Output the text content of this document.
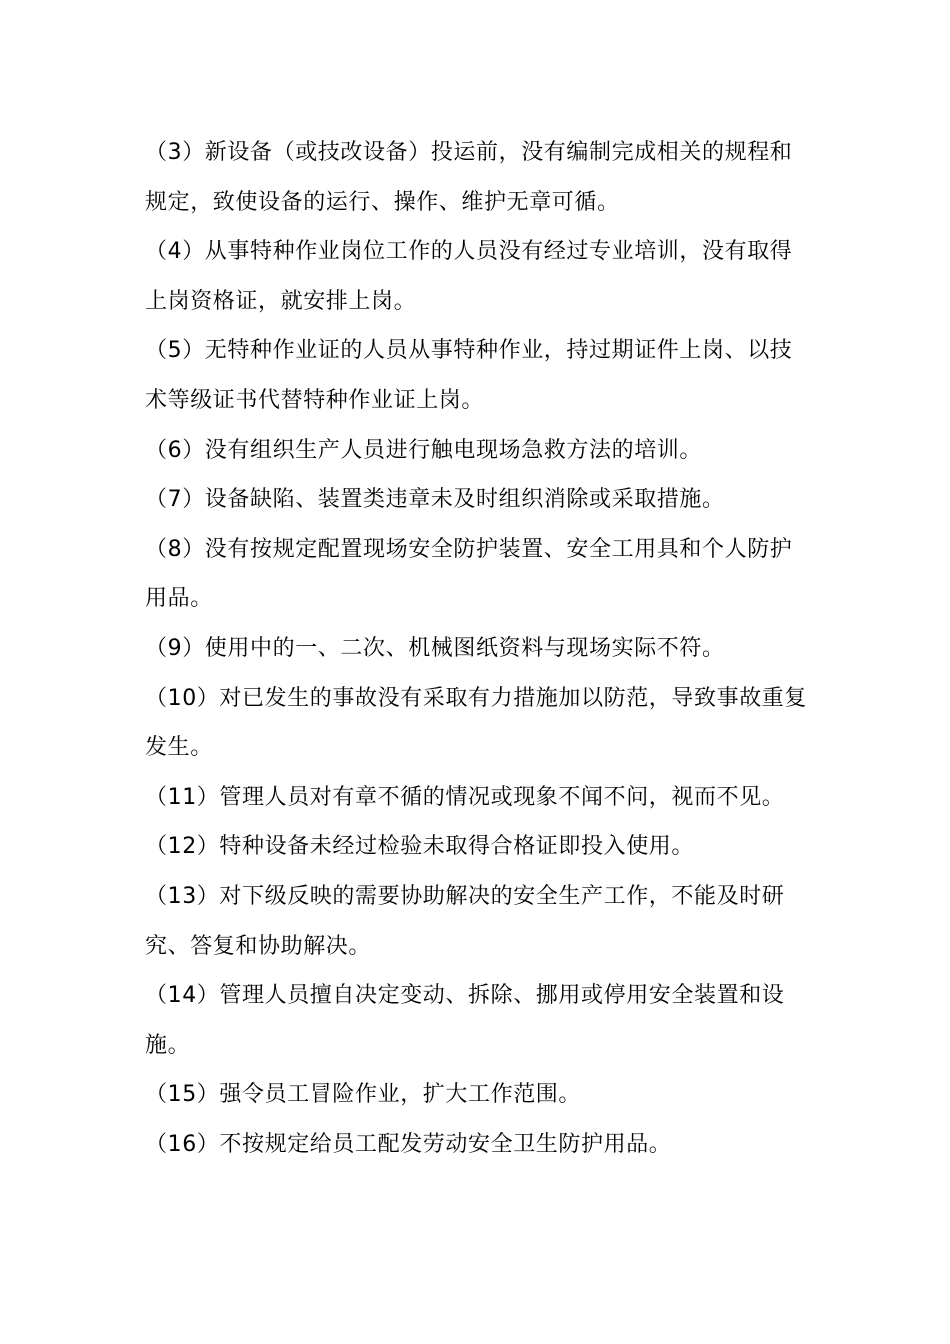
（3）新设备（或技改设备）投运前，没有编制完成相关的规程和规定，致使设备的运行、操作、维护无章可循。

（4）从事特种作业岗位工作的人员没有经过专业培训，没有取得上岗资格证，就安排上岗。

（5）无特种作业证的人员从事特种作业，持过期证件上岗、以技术等级证书代替特种作业证上岗。

（6）没有组织生产人员进行触电现场急救方法的培训。

（7）设备缺陷、装置类违章未及时组织消除或采取措施。

（8）没有按规定配置现场安全防护装置、安全工用具和个人防护用品。

（9）使用中的一、二次、机械图纸资料与现场实际不符。

（10）对已发生的事故没有采取有力措施加以防范，导致事故重复发生。

（11）管理人员对有章不循的情况或现象不闻不问，视而不见。

（12）特种设备未经过检验未取得合格证即投入使用。

（13）对下级反映的需要协助解决的安全生产工作，不能及时研究、答复和协助解决。

（14）管理人员擅自决定变动、拆除、挪用或停用安全装置和设施。

（15）强令员工冒险作业，扩大工作范围。

（16）不按规定给员工配发劳动安全卫生防护用品。
